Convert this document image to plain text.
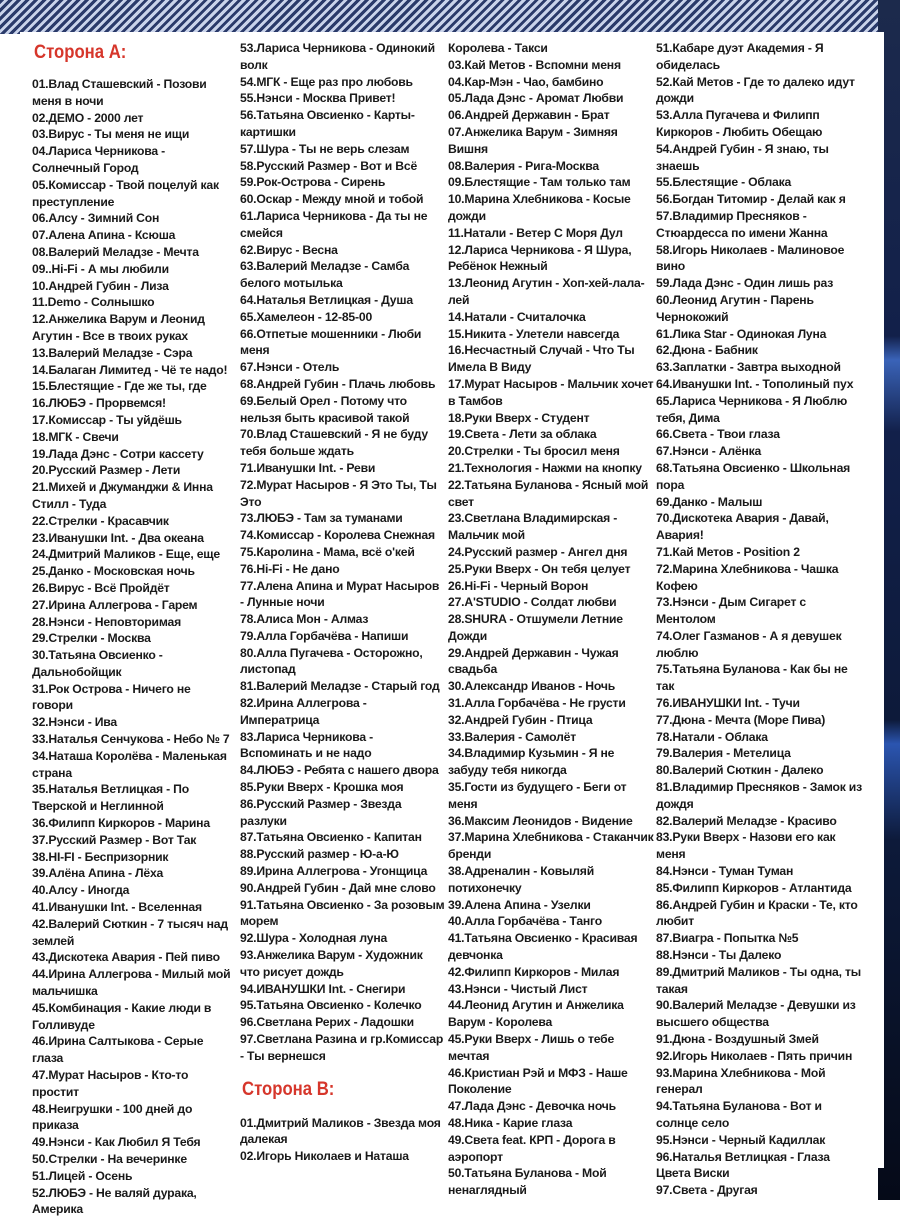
Сторона А:
01.Влад Сташевский - Позови меня в ночи
02.ДЕМО - 2000 лет
03.Вирус - Ты меня не ищи
04.Лариса Черникова - Солнечный Город
05.Комиссар - Твой поцелуй как преступление
06.Алсу - Зимний Сон
07.Алена Апина - Ксюша
08.Валерий Меладзе - Мечта
09..Hi-Fi - А мы любили
10.Андрей Губин - Лиза
11.Demo - Солнышко
12.Анжелика Варум и Леонид Агутин - Все в твоих руках
13.Валерий Меладзе - Сэра
14.Балаган Лимитед - Чё те надо!
15.Блестящие - Где же ты, где
16.ЛЮБЭ - Прорвемся!
17.Комиссар - Ты уйдёшь
18.МГК - Свечи
19.Лада Дэнс - Сотри кассету
20.Русский Размер - Лети
21.Михей и Джуманджи & Инна Стилл - Туда
22.Стрелки - Красавчик
23.Иванушки Int. - Два океана
24.Дмитрий Маликов - Еще, еще
25.Данко - Московская ночь
26.Вирус - Всё Пройдёт
27.Ирина Аллегрова - Гарем
28.Нэнси - Неповторимая
29.Стрелки - Москва
30.Татьяна Овсиенко - Дальнобойщик
31.Рок Острова - Ничего не говори
32.Нэнси - Ива
33.Наталья Сенчукова - Небо № 7
34.Наташа Королёва - Маленькая страна
35.Наталья Ветлицкая - По Тверской и Неглинной
36.Филипп Киркоров - Марина
37.Русский Размер - Вот Так
38.HI-FI - Беспризорник
39.Алёна Апина - Лёха
40.Алсу - Иногда
41.Иванушки Int. - Вселенная
42.Валерий Сюткин - 7 тысяч над землей
43.Дискотека Авария - Пей пиво
44.Ирина Аллегрова - Милый мой мальчишка
45.Комбинация - Какие люди в Голливуде
46.Ирина Салтыкова - Серые глаза
47.Мурат Насыров - Кто-то простит
48.Неигрушки - 100 дней до приказа
49.Нэнси - Как Любил Я Тебя
50.Стрелки - На вечеринке
51.Лицей - Осень
52.ЛЮБЭ - Не валяй дурака, Америка
53.Лариса Черникова - Одинокий волк
54.МГК - Еще раз про любовь
55.Нэнси - Москва Привет!
56.Татьяна Овсиенко - Карты-картишки
57.Шура - Ты не верь слезам
58.Русский Размер - Вот и Всё
59.Рок-Острова - Сирень
60.Оскар - Между мной и тобой
61.Лариса Черникова - Да ты не смейся
62.Вирус - Весна
63.Валерий Меладзе - Самба белого мотылька
64.Наталья Ветлицкая - Душа
65.Хамелеон - 12-85-00
66.Отпетые мошенники - Люби меня
67.Нэнси - Отель
68.Андрей Губин - Плачь любовь
69.Белый Орел - Потому что нельзя быть красивой такой
70.Влад Сташевский - Я не буду тебя больше ждать
71.Иванушки Int. - Реви
72.Мурат Насыров - Я Это Ты, Ты Это
73.ЛЮБЭ - Там за туманами
74.Комиссар - Королева Снежная
75.Каролина - Мама, всё о'кей
76.Hi-Fi - Не дано
77.Алена Апина и Мурат Насыров - Лунные ночи
78.Алиса Мон - Алмаз
79.Алла Горбачёва - Напиши
80.Алла Пугачева - Осторожно, листопад
81.Валерий Меладзе - Старый год
82.Ирина Аллегрова - Императрица
83.Лариса Черникова - Вспоминать и не надо
84.ЛЮБЭ - Ребята с нашего двора
85.Руки Вверх - Крошка моя
86.Русский Размер - Звезда разлуки
87.Татьяна Овсиенко - Капитан
88.Русский размер - Ю-а-Ю
89.Ирина Аллегрова - Угонщица
90.Андрей Губин - Дай мне слово
91.Татьяна Овсиенко - За розовым морем
92.Шура - Холодная луна
93.Анжелика Варум - Художник что рисует дождь
94.ИВАНУШКИ Int. - Снегири
95.Татьяна Овсиенко - Колечко
96.Светлана Рерих - Ладошки
97.Светлана Разина и гр.Комиссар - Ты вернешся
Сторона В:
01.Дмитрий Маликов - Звезда моя далекая
02.Игорь Николаев и Наташа
Королева - Такси
03.Кай Метов - Вспомни меня
04.Кар-Мэн - Чао, бамбино
05.Лада Дэнс - Аромат Любви
06.Андрей Державин - Брат
07.Анжелика Варум - Зимняя Вишня
08.Валерия - Рига-Москва
09.Блестящие - Там только там
10.Марина Хлебникова - Косые дожди
11.Натали - Ветер С Моря Дул
12.Лариса Черникова - Я Шура, Ребёнок Нежный
13.Леонид Агутин - Хоп-хей-лала-лей
14.Натали - Считалочка
15.Никита - Улетели навсегда
16.Несчастный Случай - Что Ты Имела В Виду
17.Мурат Насыров - Мальчик хочет в Тамбов
18.Руки Вверх - Студент
19.Света - Лети за облака
20.Стрелки - Ты бросил меня
21.Технология - Нажми на кнопку
22.Татьяна Буланова - Ясный мой свет
23.Светлана Владимирская - Мальчик мой
24.Русский размер - Ангел дня
25.Руки Вверх - Он тебя целует
26.Hi-Fi - Черный Ворон
27.A'STUDIO - Солдат любви
28.SHURA - Отшумели Летние Дожди
29.Андрей Державин - Чужая свадьба
30.Александр Иванов - Ночь
31.Алла Горбачёва - Не грусти
32.Андрей Губин - Птица
33.Валерия - Самолёт
34.Владимир Кузьмин - Я не забуду тебя никогда
35.Гости из будущего - Беги от меня
36.Максим Леонидов - Видение
37.Марина Хлебникова - Стаканчик бренди
38.Адреналин - Ковыляй потихонечку
39.Алена Апина - Узелки
40.Алла Горбачёва - Танго
41.Татьяна Овсиенко - Красивая девчонка
42.Филипп Киркоров - Милая
43.Нэнси - Чистый Лист
44.Леонид Агутин и Анжелика Варум - Королева
45.Руки Вверх - Лишь о тебе мечтая
46.Кристиан Рэй и МФЗ - Наше Поколение
47.Лада Дэнс - Девочка ночь
48.Ника - Карие глаза
49.Света feat. КРП - Дорога в аэропорт
50.Татьяна Буланова - Мой ненаглядный
51.Кабаре дуэт Академия - Я обиделась
52.Кай Метов - Где то далеко идут дожди
53.Алла Пугачева и Филипп Киркоров - Любить Обещаю
54.Андрей Губин - Я знаю, ты знаешь
55.Блестящие - Облака
56.Богдан Титомир - Делай как я
57.Владимир Пресняков - Стюардесса по имени Жанна
58.Игорь Николаев - Малиновое вино
59.Лада Дэнс - Один лишь раз
60.Леонид Агутин - Парень Чернокожий
61.Лика Star - Одинокая Луна
62.Дюна - Бабник
63.Заплатки - Завтра выходной
64.Иванушки Int. - Тополиный пух
65.Лариса Черникова - Я Люблю тебя, Дима
66.Света - Твои глаза
67.Нэнси - Алёнка
68.Татьяна Овсиенко - Школьная пора
69.Данко - Малыш
70.Дискотека Авария - Давай, Авария!
71.Кай Метов - Position 2
72.Марина Хлебникова - Чашка Кофею
73.Нэнси - Дым Сигарет с Ментолом
74.Олег Газманов - А я девушек люблю
75.Татьяна Буланова - Как бы не так
76.ИВАНУШКИ Int. - Тучи
77.Дюна - Мечта (Море Пива)
78.Натали - Облака
79.Валерия - Метелица
80.Валерий Сюткин - Далеко
81.Владимир Пресняков - Замок из дождя
82.Валерий Меладзе - Красиво
83.Руки Вверх - Назови его как меня
84.Нэнси - Туман Туман
85.Филипп Киркоров - Атлантида
86.Андрей Губин и Краски - Те, кто любит
87.Виагра - Попытка №5
88.Нэнси - Ты Далеко
89.Дмитрий Маликов - Ты одна, ты такая
90.Валерий Меладзе - Девушки из высшего общества
91.Дюна - Воздушный Змей
92.Игорь Николаев - Пять причин
93.Марина Хлебникова - Мой генерал
94.Татьяна Буланова - Вот и солнце село
95.Нэнси - Черный Кадиллак
96.Наталья Ветлицкая - Глаза Цвета Виски
97.Света - Другая
